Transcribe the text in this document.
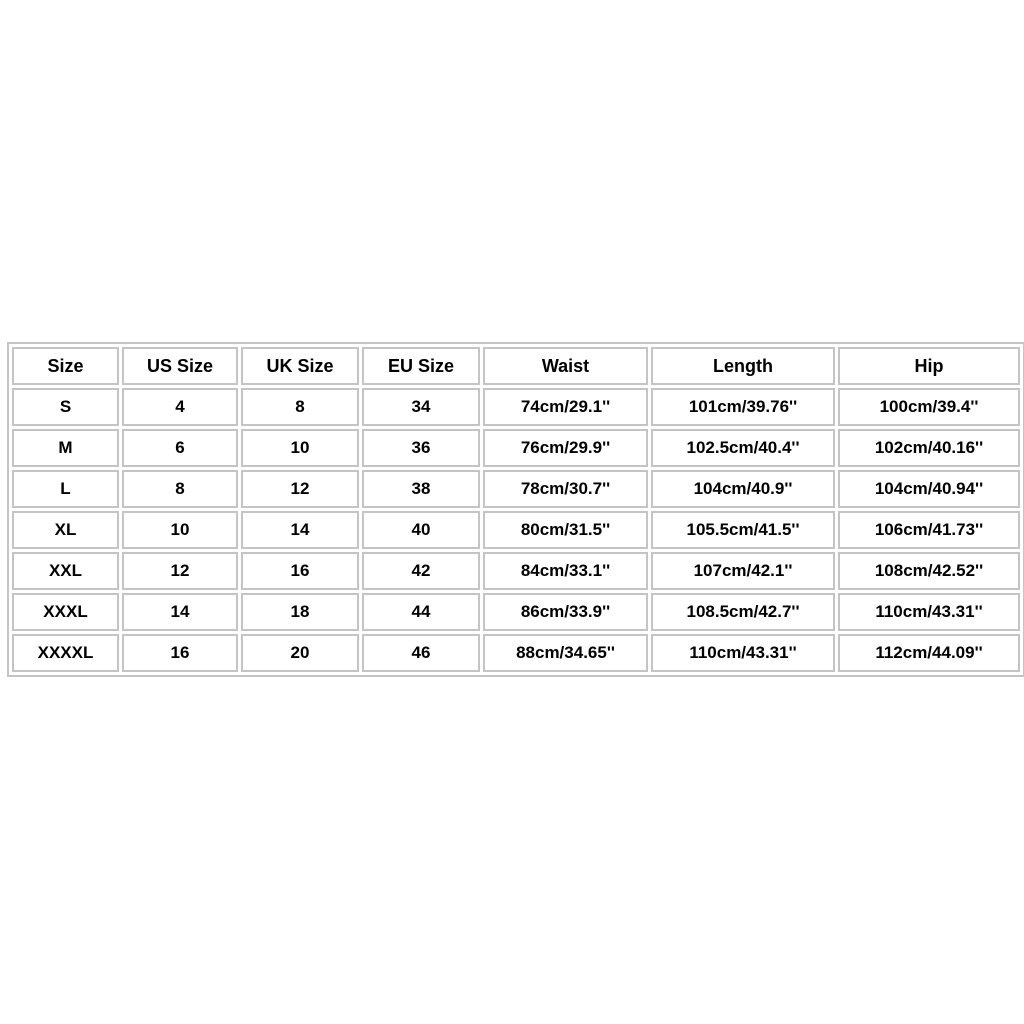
Size	US Size	UK Size	EU Size	Waist	Length	Hip
S	4	8	34	74cm/29.1''	101cm/39.76''	100cm/39.4''
M	6	10	36	76cm/29.9''	102.5cm/40.4''	102cm/40.16''
L	8	12	38	78cm/30.7''	104cm/40.9''	104cm/40.94''
XL	10	14	40	80cm/31.5''	105.5cm/41.5''	106cm/41.73''
XXL	12	16	42	84cm/33.1''	107cm/42.1''	108cm/42.52''
XXXL	14	18	44	86cm/33.9''	108.5cm/42.7''	110cm/43.31''
XXXXL	16	20	46	88cm/34.65''	110cm/43.31''	112cm/44.09''
